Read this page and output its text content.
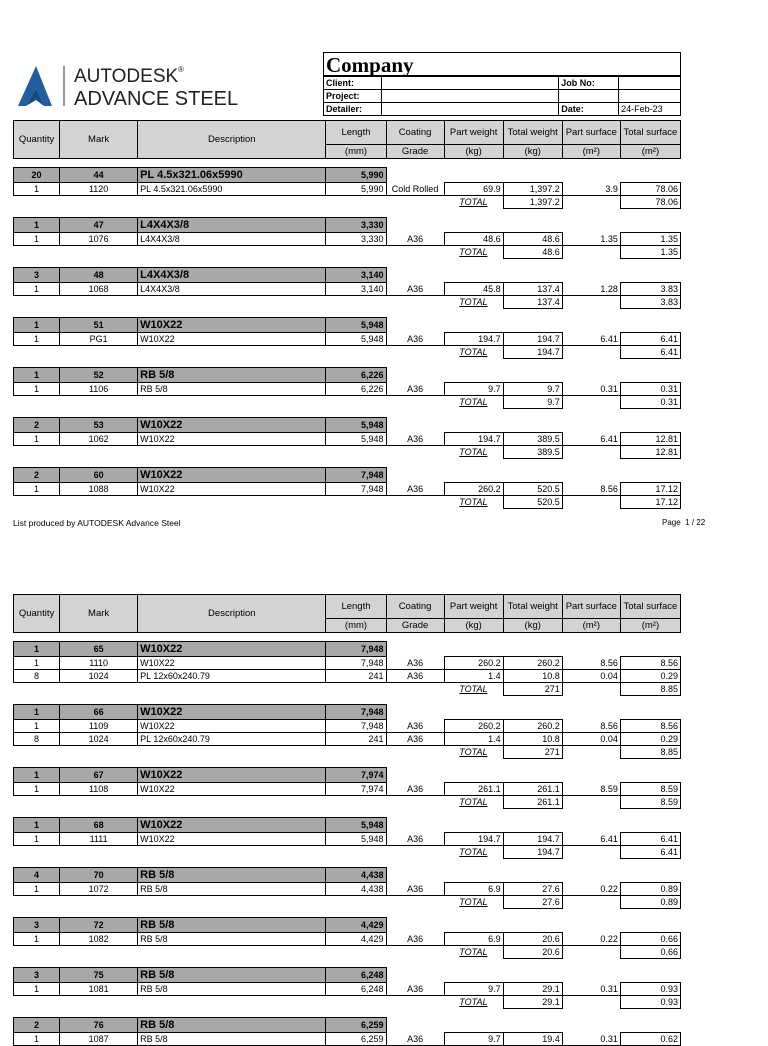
AUTODESK ®
ADVANCE STEEL
Company
Client:		Job No:	
Project:			
Detailer:		Date:	24-Feb-23
Quantity	Mark	Description	Length	Coating	Part weight	Total weight	Part surface	Total surface
			(mm)	Grade	(kg)	(kg)	(m²)	(m²)

20	44	PL 4.5x321.06x5990	5,990					
1	1120	PL 4.5x321.06x5990	5,990	Cold Rolled	69.9	1,397.2	3.9	78.06
					TOTAL	1,397.2		78.06

1	47	L4X4X3/8	3,330					
1	1076	L4X4X3/8	3,330	A36	48.6	48.6	1.35	1.35
					TOTAL	48.6		1.35

3	48	L4X4X3/8	3,140					
1	1068	L4X4X3/8	3,140	A36	45.8	137.4	1.28	3.83
					TOTAL	137.4		3.83

1	51	W10X22	5,948					
1	PG1	W10X22	5,948	A36	194.7	194.7	6.41	6.41
					TOTAL	194.7		6.41

1	52	RB 5/8	6,226					
1	1106	RB 5/8	6,226	A36	9.7	9.7	0.31	0.31
					TOTAL	9.7		0.31

2	53	W10X22	5,948					
1	1062	W10X22	5,948	A36	194.7	389.5	6.41	12.81
					TOTAL	389.5		12.81

2	60	W10X22	7,948					
1	1088	W10X22	7,948	A36	260.2	520.5	8.56	17.12
					TOTAL	520.5		17.12
List produced by AUTODESK Advance Steel	Page 1 / 22
Quantity	Mark	Description	Length	Coating	Part weight	Total weight	Part surface	Total surface
			(mm)	Grade	(kg)	(kg)	(m²)	(m²)

1	65	W10X22	7,948					
1	1110	W10X22	7,948	A36	260.2	260.2	8.56	8.56
8	1024	PL 12x60x240.79	241	A36	1.4	10.8	0.04	0.29
					TOTAL	271		8.85

1	66	W10X22	7,948					
1	1109	W10X22	7,948	A36	260.2	260.2	8.56	8.56
8	1024	PL 12x60x240.79	241	A36	1.4	10.8	0.04	0.29
					TOTAL	271		8.85

1	67	W10X22	7,974					
1	1108	W10X22	7,974	A36	261.1	261.1	8.59	8.59
					TOTAL	261.1		8.59

1	68	W10X22	5,948					
1	1111	W10X22	5,948	A36	194.7	194.7	6.41	6.41
					TOTAL	194.7		6.41

4	70	RB 5/8	4,438					
1	1072	RB 5/8	4,438	A36	6.9	27.6	0.22	0.89
					TOTAL	27.6		0.89

3	72	RB 5/8	4,429					
1	1082	RB 5/8	4,429	A36	6.9	20.6	0.22	0.66
					TOTAL	20.6		0.66

3	75	RB 5/8	6,248					
1	1081	RB 5/8	6,248	A36	9.7	29.1	0.31	0.93
					TOTAL	29.1		0.93

2	76	RB 5/8	6,259					
1	1087	RB 5/8	6,259	A36	9.7	19.4	0.31	0.62
